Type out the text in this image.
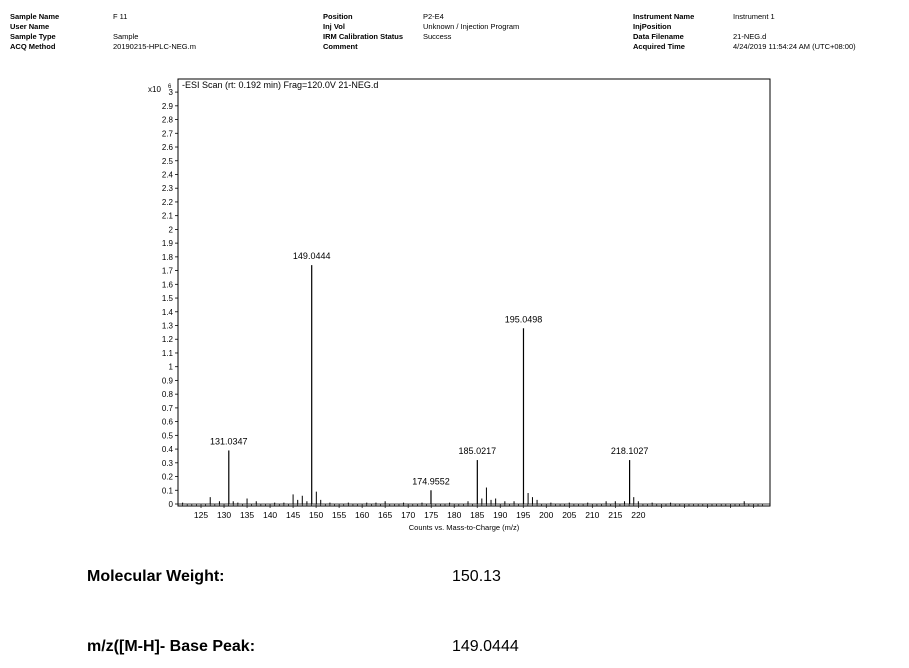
Sample Name
User Name
Sample Type
ACQ Method
F 11
Sample
20190215-HPLC-NEG.m
Position
Inj Vol
IRM Calibration Status
Comment
P2-E4
Unknown / Injection Program
Success
Instrument Name
InjPosition
Data Filename
Acquired Time
Instrument 1
21-NEG.d
4/24/2019 11:54:24 AM (UTC+08:00)
-ESI Scan (rt: 0.192 min) Frag=120.0V 21-NEG.d
x10 6
Counts vs. Mass-to-Charge (m/z)
0
0.1
0.2
0.3
0.4
0.5
0.6
0.7
0.8
0.9
1
1.1
1.2
1.3
1.4
1.5
1.6
1.7
1.8
1.9
2
2.1
2.2
2.3
2.4
2.5
2.6
2.7
2.8
2.9
3
125 130 135 140 145 150 155 160 165 170 175 180 185 190 195 200 205 210 215 220
131.0347
149.0444
174.9552
185.0217
195.0498
218.1027
Molecular Weight:	150.13
m/z([M-H]- Base Peak:	149.0444
